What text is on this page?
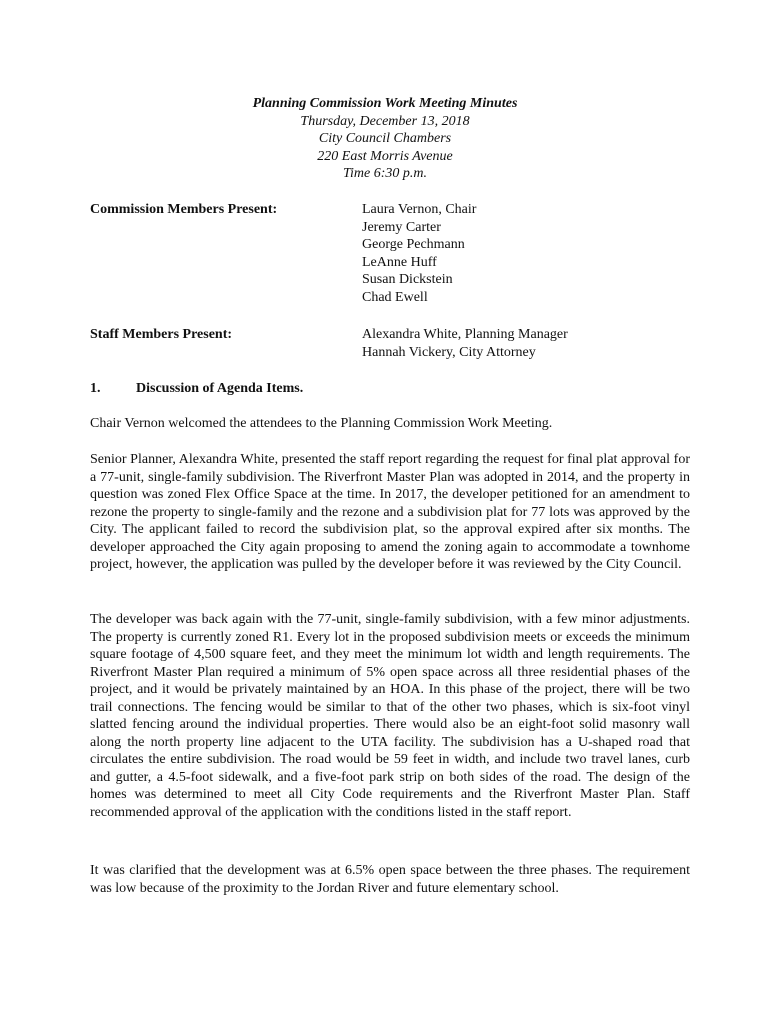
Planning Commission Work Meeting Minutes
Thursday, December 13, 2018
City Council Chambers
220 East Morris Avenue
Time 6:30 p.m.
Commission Members Present:	Laura Vernon, Chair
Jeremy Carter
George Pechmann
LeAnne Huff
Susan Dickstein
Chad Ewell
Staff Members Present:	Alexandra White, Planning Manager
Hannah Vickery, City Attorney
1.	Discussion of Agenda Items.

Chair Vernon welcomed the attendees to the Planning Commission Work Meeting.

Senior Planner, Alexandra White, presented the staff report regarding the request for final plat approval for a 77-unit, single-family subdivision. The Riverfront Master Plan was adopted in 2014, and the property in question was zoned Flex Office Space at the time. In 2017, the developer petitioned for an amendment to rezone the property to single-family and the rezone and a subdivision plat for 77 lots was approved by the City. The applicant failed to record the subdivision plat, so the approval expired after six months. The developer approached the City again proposing to amend the zoning again to accommodate a townhome project, however, the application was pulled by the developer before it was reviewed by the City Council.

The developer was back again with the 77-unit, single-family subdivision, with a few minor adjustments. The property is currently zoned R1. Every lot in the proposed subdivision meets or exceeds the minimum square footage of 4,500 square feet, and they meet the minimum lot width and length requirements. The Riverfront Master Plan required a minimum of 5% open space across all three residential phases of the project, and it would be privately maintained by an HOA. In this phase of the project, there will be two trail connections. The fencing would be similar to that of the other two phases, which is six-foot vinyl slatted fencing around the individual properties. There would also be an eight-foot solid masonry wall along the north property line adjacent to the UTA facility. The subdivision has a U-shaped road that circulates the entire subdivision. The road would be 59 feet in width, and include two travel lanes, curb and gutter, a 4.5-foot sidewalk, and a five-foot park strip on both sides of the road. The design of the homes was determined to meet all City Code requirements and the Riverfront Master Plan. Staff recommended approval of the application with the conditions listed in the staff report.

It was clarified that the development was at 6.5% open space between the three phases. The requirement was low because of the proximity to the Jordan River and future elementary school.
